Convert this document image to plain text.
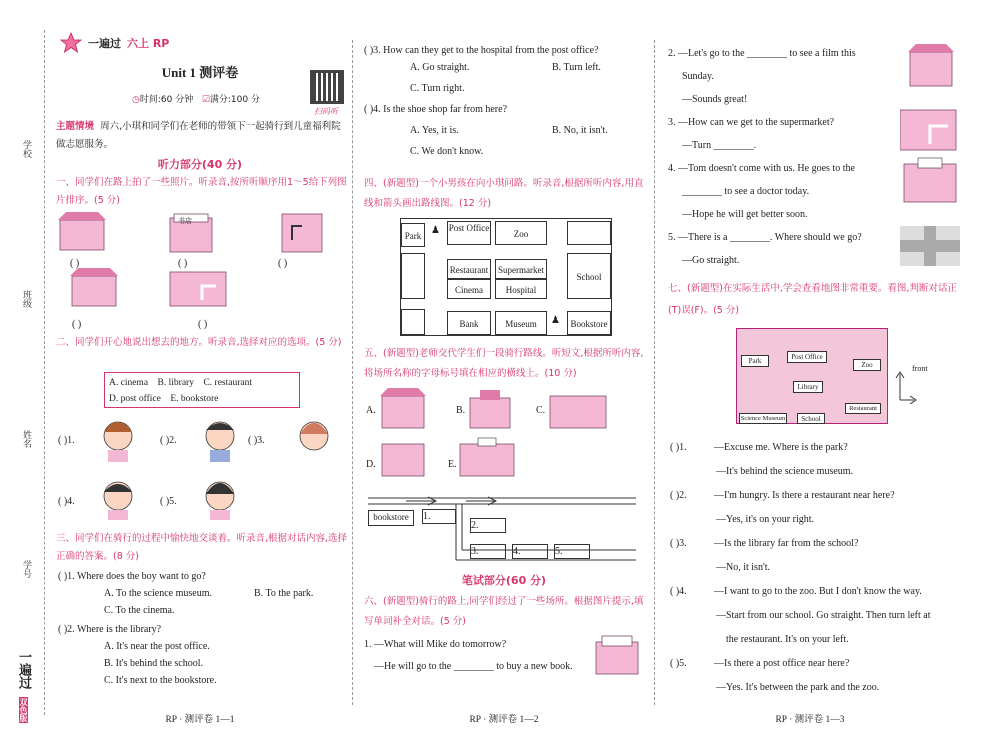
学校
班级
姓名
学号
一遍过 双色版
一遍过 六上 RP
Unit 1 测评卷
◷时间:60 分钟 ☑满分:100 分
扫码听
主题情境 周六,小琪和同学们在老师的带领下一起骑行到儿童福利院做志愿服务。
听力部分(40 分)
一、同学们在路上拍了一些照片。听录音,按所听顺序用1～5给下列图片排序。(5 分)
书店
( )	( )	( )
( )	( )
二、同学们开心地说出想去的地方。听录音,选择对应的选项。(5 分)
A. cinema B. library C. restaurant
D. post office E. bookstore
( )1.	( )2.	( )3.
( )4.	( )5.
三、同学们在骑行的过程中愉快地交谈着。听录音,根据对话内容,选择正确的答案。(8 分)
( )1. Where does the boy want to go?
A. To the science museum.	B. To the park.
C. To the cinema.
( )2. Where is the library?
A. It's near the post office.
B. It's behind the school.
C. It's next to the bookstore.
RP · 测评卷 1—1
( )3. How can they get to the hospital from the post office?
A. Go straight.	B. Turn left.
C. Turn right.
( )4. Is the shoe shop far from here?
A. Yes, it is.	B. No, it isn't.
C. We don't know.
四、(新题型)一个小男孩在向小琪问路。听录音,根据所听内容,用直线和箭头画出路线图。(12 分)
Park
Post Office
Zoo
Restaurant	Supermarket
Cinema	Hospital
School
Bank	Museum	Bookstore
♟
♟
五、(新题型)老师交代学生们一段骑行路线。听短文,根据所听内容,将场所名称的字母标号填在相应的横线上。(10 分)
A.	B.	C.
D.	E.
bookstore	1.
2.
3.	4.	5.
笔试部分(60 分)
六、(新题型)骑行的路上,同学们经过了一些场所。根据图片提示,填写单词补全对话。(5 分)
1. —What will Mike do tomorrow?
—He will go to the ________ to buy a new book.
RP · 测评卷 1—2
2. —Let's go to the ________ to see a film this
Sunday.
—Sounds great!
3. —How can we get to the supermarket?
—Turn ________.
4. —Tom doesn't come with us. He goes to the
________ to see a doctor today.
—Hope he will get better soon.
5. —There is a ________. Where should we go?
—Go straight.
七、(新题型)在实际生活中,学会查看地图非常重要。看图,判断对话正(T)误(F)。(5 分)
Park	Post Office
Zoo
Library
Science Museum	School
Restaurant
front
( )1.	—Excuse me. Where is the park?
—It's behind the science museum.
( )2.	—I'm hungry. Is there a restaurant near here?
—Yes, it's on your right.
( )3.	—Is the library far from the school?
—No, it isn't.
( )4.	—I want to go to the zoo. But I don't know the way.
—Start from our school. Go straight. Then turn left at
the restaurant. It's on your left.
( )5.	—Is there a post office near here?
—Yes. It's between the park and the zoo.
RP · 测评卷 1—3
